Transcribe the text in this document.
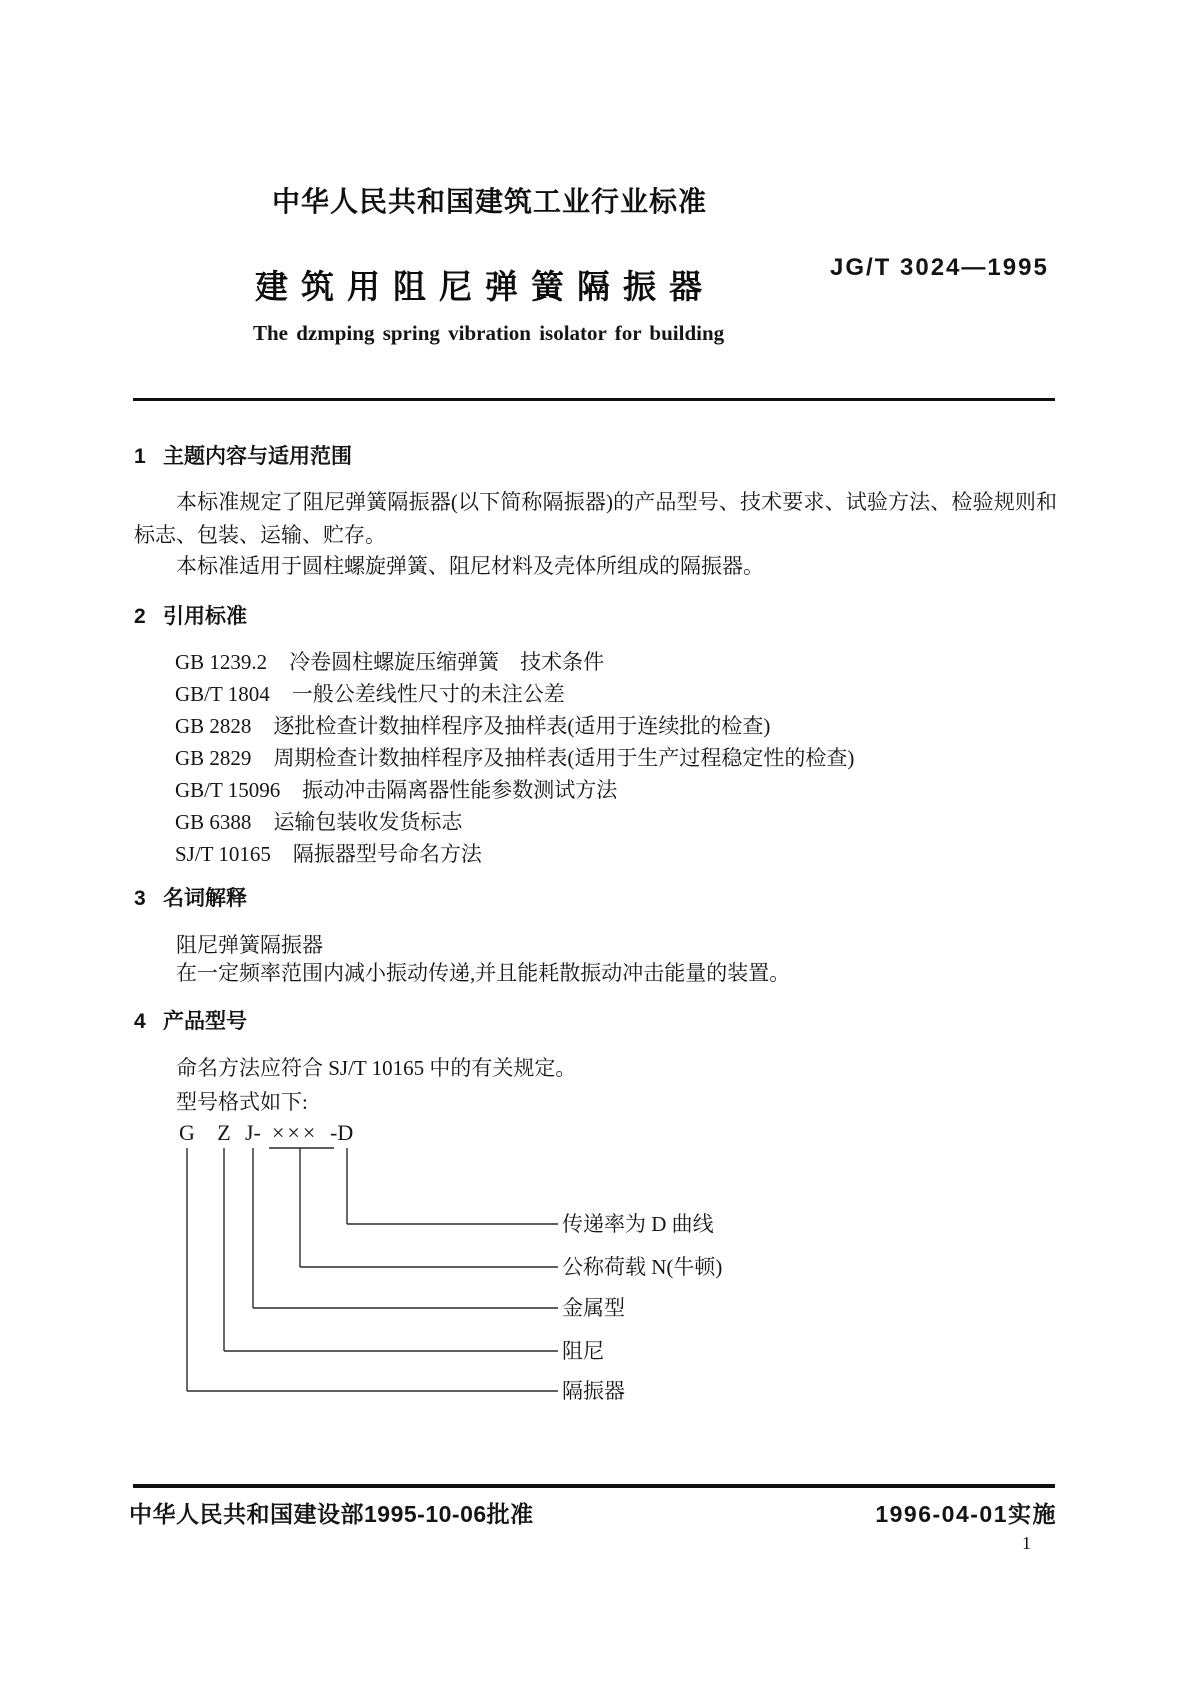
中华人民共和国建筑工业行业标准
建筑用阻尼弹簧隔振器
JG/T 3024—1995
The dzmping spring vibration isolator for building
1 主题内容与适用范围
本标准规定了阻尼弹簧隔振器(以下简称隔振器)的产品型号、技术要求、试验方法、检验规则和标志、包装、运输、贮存。
本标准适用于圆柱螺旋弹簧、阻尼材料及壳体所组成的隔振器。
2 引用标准
GB 1239.2 冷卷圆柱螺旋压缩弹簧　技术条件
GB/T 1804 一般公差线性尺寸的未注公差
GB 2828 逐批检查计数抽样程序及抽样表(适用于连续批的检查)
GB 2829 周期检查计数抽样程序及抽样表(适用于生产过程稳定性的检查)
GB/T 15096 振动冲击隔离器性能参数测试方法
GB 6388 运输包装收发货标志
SJ/T 10165 隔振器型号命名方法
3 名词解释
阻尼弹簧隔振器
在一定频率范围内减小振动传递,并且能耗散振动冲击能量的装置。
4 产品型号
命名方法应符合 SJ/T 10165 中的有关规定。
型号格式如下:
G Z J- ××× -D
传递率为 D 曲线
公称荷载 N(牛顿)
金属型
阻尼
隔振器
中华人民共和国建设部1995-10-06批准	1996-04-01实施
1
